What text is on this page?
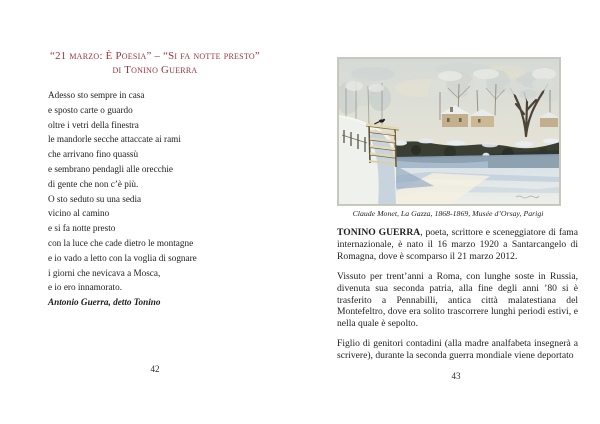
“21 marzo: È Poesia” – “Si fa notte presto”
di Tonino Guerra
Adesso sto sempre in casa
e sposto carte o guardo
oltre i vetri della finestra
le mandorle secche attaccate ai rami
che arrivano fino quassù
e sembrano pendagli alle orecchie
di gente che non c’è più.
O sto seduto su una sedia
vicino al camino
e si fa notte presto
con la luce che cade dietro le montagne
e io vado a letto con la voglia di sognare
i giorni che nevicava a Mosca,
e io ero innamorato.
Antonio Guerra, detto Tonino
42
Claude Monet, La Gazza, 1868-1869, Musée d’Orsay, Parigi

TONINO GUERRA, poeta, scrittore e sceneggiatore di fama internazionale, è nato il 16 marzo 1920 a Santarcangelo di Romagna, dove è scomparso il 21 marzo 2012.

Vissuto per trent’anni a Roma, con lunghe soste in Russia, divenuta sua seconda patria, alla fine degli anni ’80 si è trasferito a Pennabilli, antica città malatestiana del Montefeltro, dove era solito trascorrere lunghi periodi estivi, e nella quale è sepolto.

Figlio di genitori contadini (alla madre analfabeta insegnerà a scrivere), durante la seconda guerra mondiale viene deportato

43
